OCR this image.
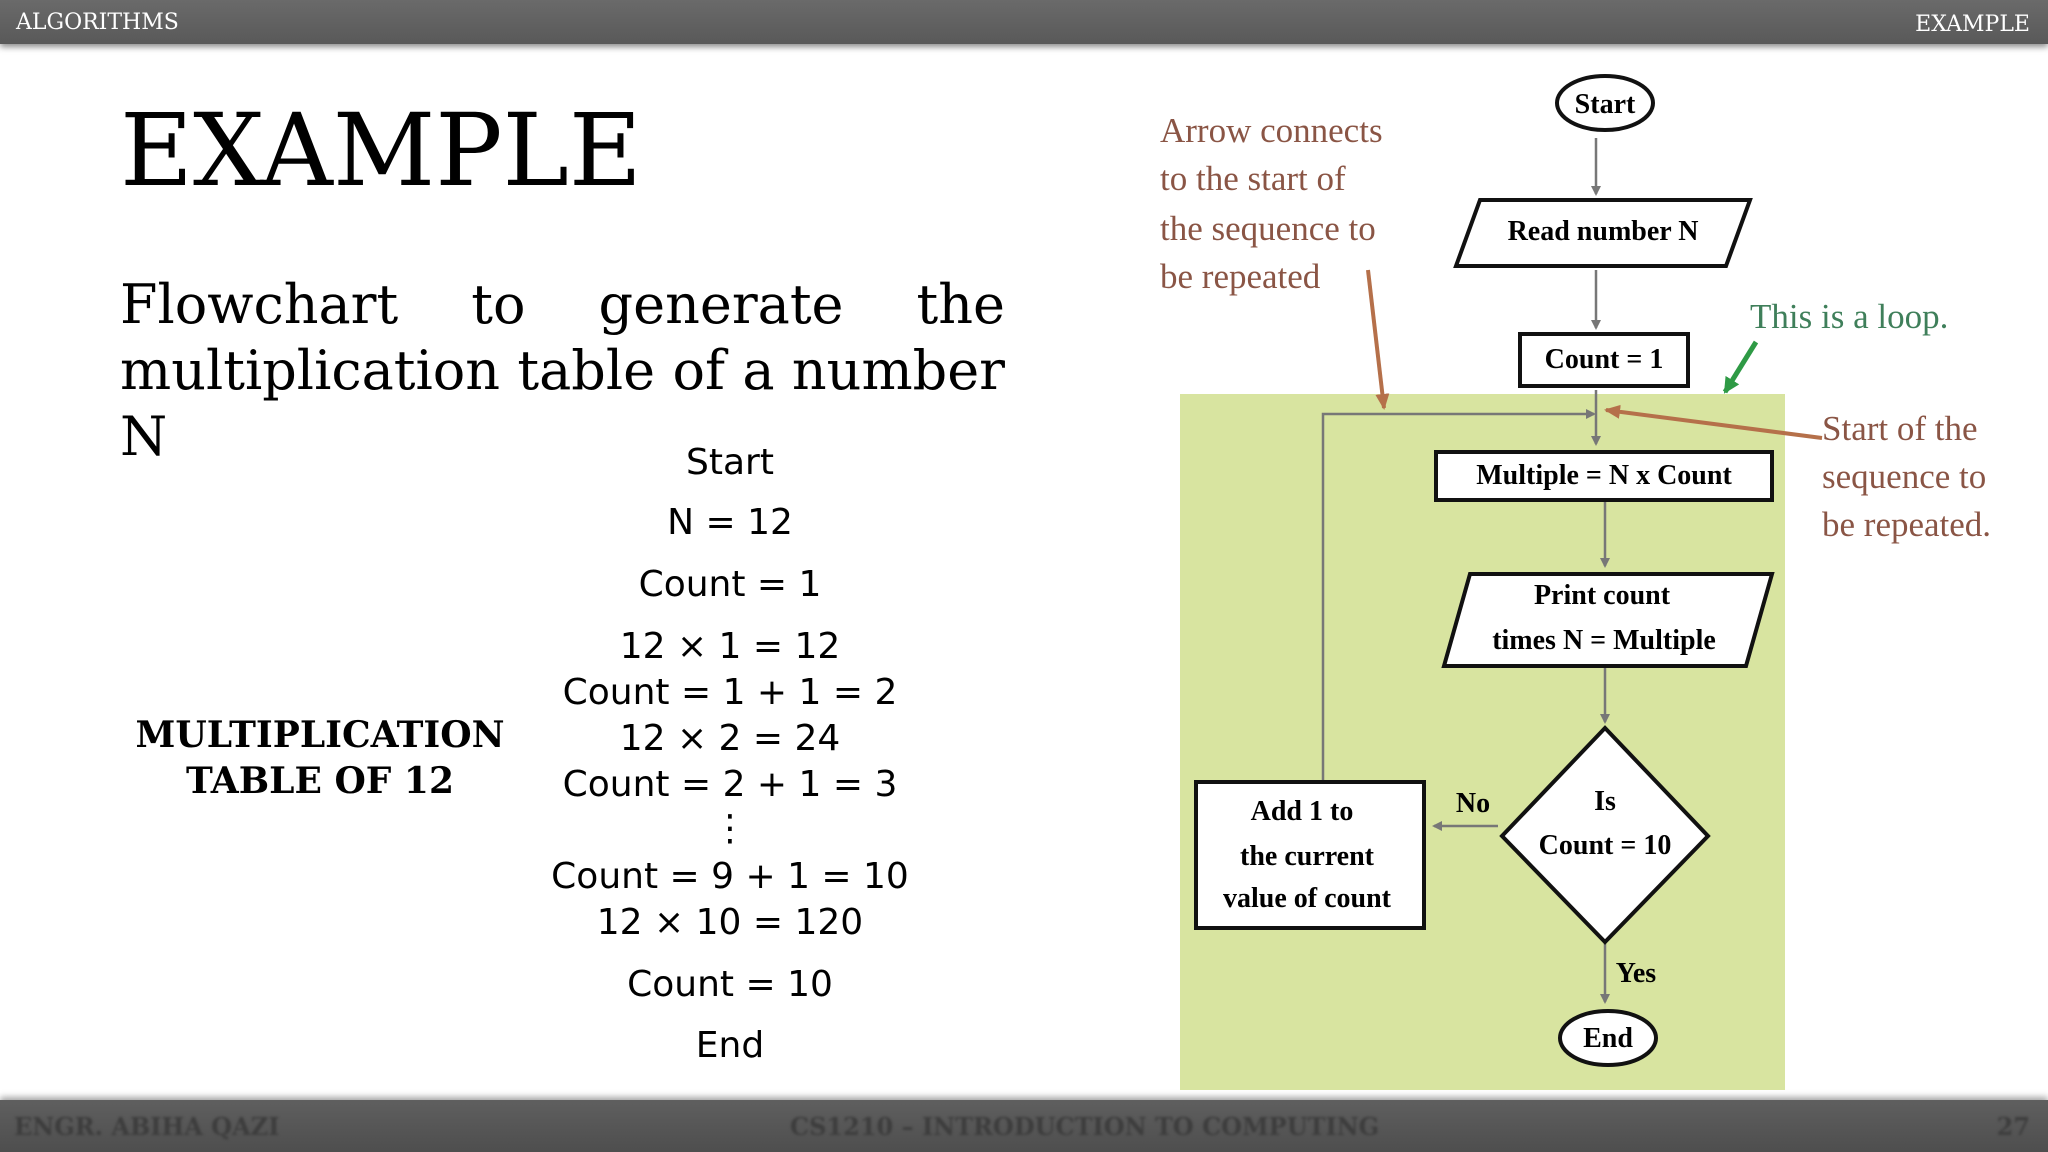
ALGORITHMS	EXAMPLE
EXAMPLE
Flowchart to generate the multiplication table of a number N
MULTIPLICATION
TABLE OF 12
Start
N = 12
Count = 1
12 × 1 = 12
Count = 1 + 1 = 2
12 × 2 = 24
Count = 2 + 1 = 3
⋮
Count = 9 + 1 = 10
12 × 10 = 120
Count = 10
End
Start
Read number N
Count = 1
Multiple = N x Count
Print count
times N = Multiple
Is
Count = 10
Add 1 to
the current
value of count
No
Yes
End
Arrow connects
to the start of
the sequence to
be repeated
This is a loop.
Start of the
sequence to
be repeated.
ENGR. ABIHA QAZI	CS1210 – INTRODUCTION TO COMPUTING	27
